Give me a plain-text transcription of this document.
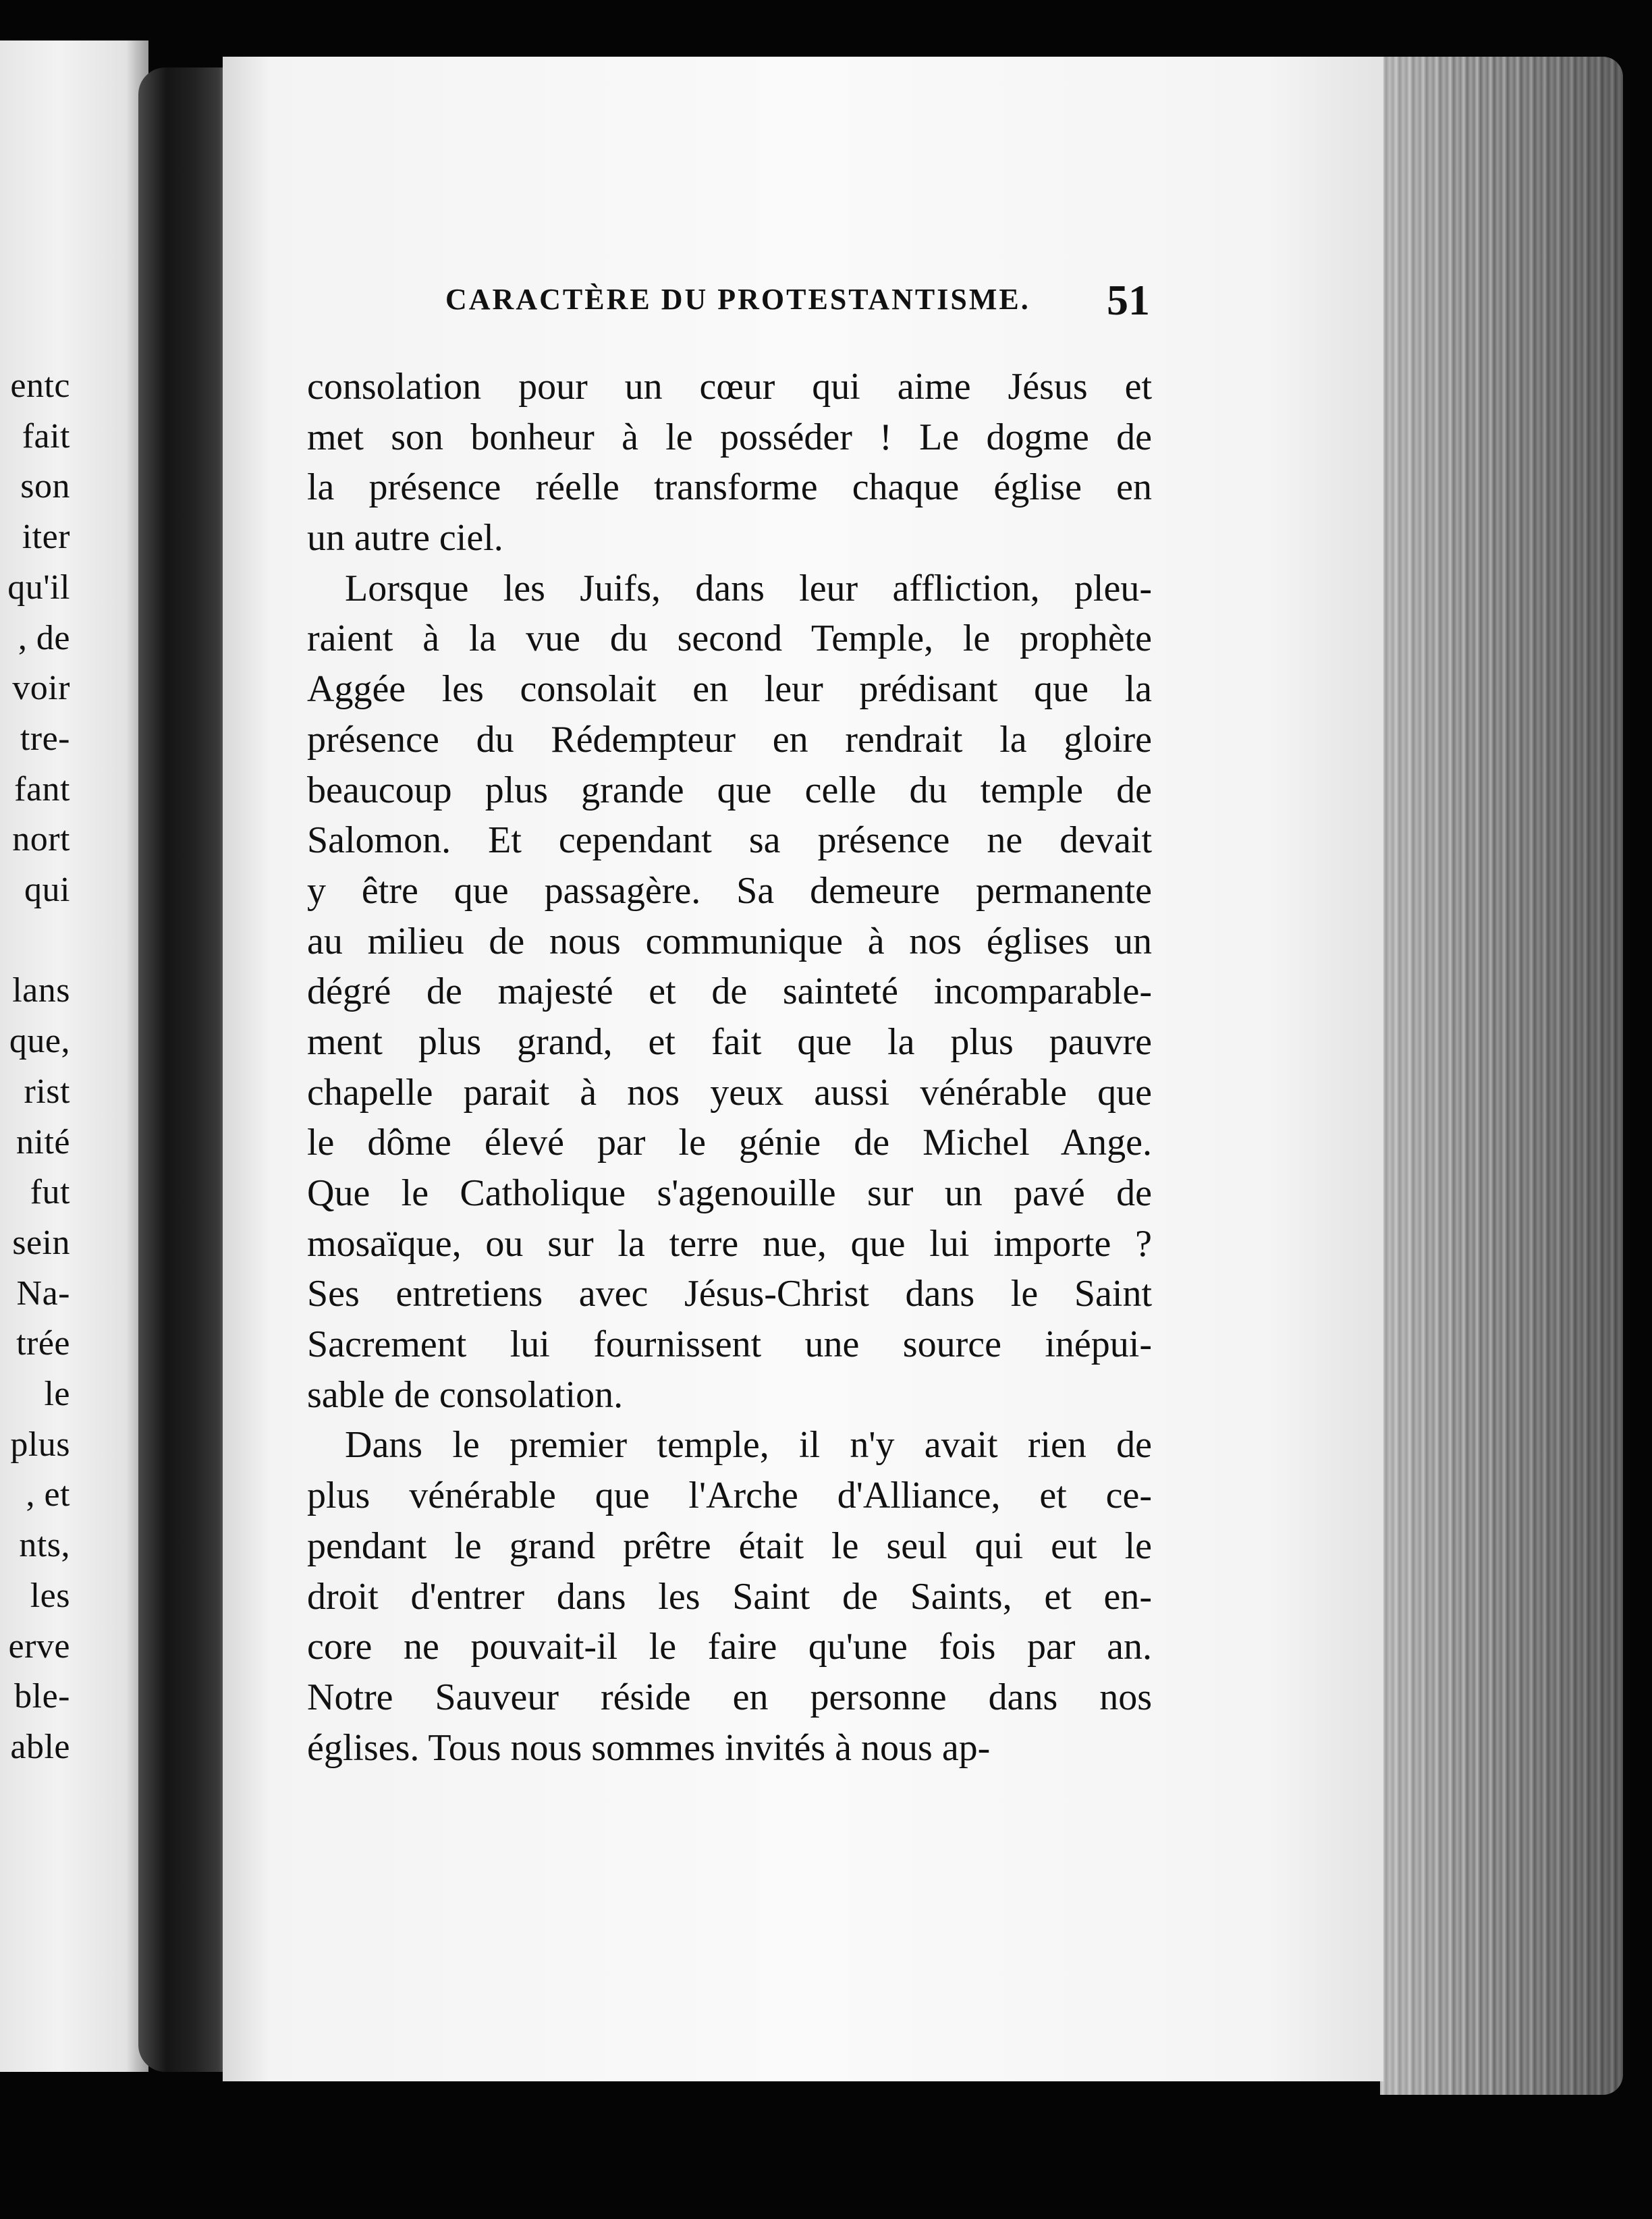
entc
fait
son
iter
qu'il
, de
voir
tre-
fant
nort
qui

lans
que,
rist
nité
fut
sein
Na-
trée
le
plus
, et
nts,
les
erve
ble-
able
CARACTÈRE DU PROTESTANTISME.	51
consolation pour un cœur qui aime Jésus et
met son bonheur à le posséder ! Le dogme de
la présence réelle transforme chaque église en
un autre ciel.
Lorsque les Juifs, dans leur affliction, pleu-
raient à la vue du second Temple, le prophète
Aggée les consolait en leur prédisant que la
présence du Rédempteur en rendrait la gloire
beaucoup plus grande que celle du temple de
Salomon. Et cependant sa présence ne devait
y être que passagère. Sa demeure permanente
au milieu de nous communique à nos églises un
dégré de majesté et de sainteté incomparable-
ment plus grand, et fait que la plus pauvre
chapelle parait à nos yeux aussi vénérable que
le dôme élevé par le génie de Michel Ange.
Que le Catholique s'agenouille sur un pavé de
mosaïque, ou sur la terre nue, que lui importe ?
Ses entretiens avec Jésus-Christ dans le Saint
Sacrement lui fournissent une source inépui-
sable de consolation.
Dans le premier temple, il n'y avait rien de
plus vénérable que l'Arche d'Alliance, et ce-
pendant le grand prêtre était le seul qui eut le
droit d'entrer dans les Saint de Saints, et en-
core ne pouvait-il le faire qu'une fois par an.
Notre Sauveur réside en personne dans nos
églises. Tous nous sommes invités à nous ap-
